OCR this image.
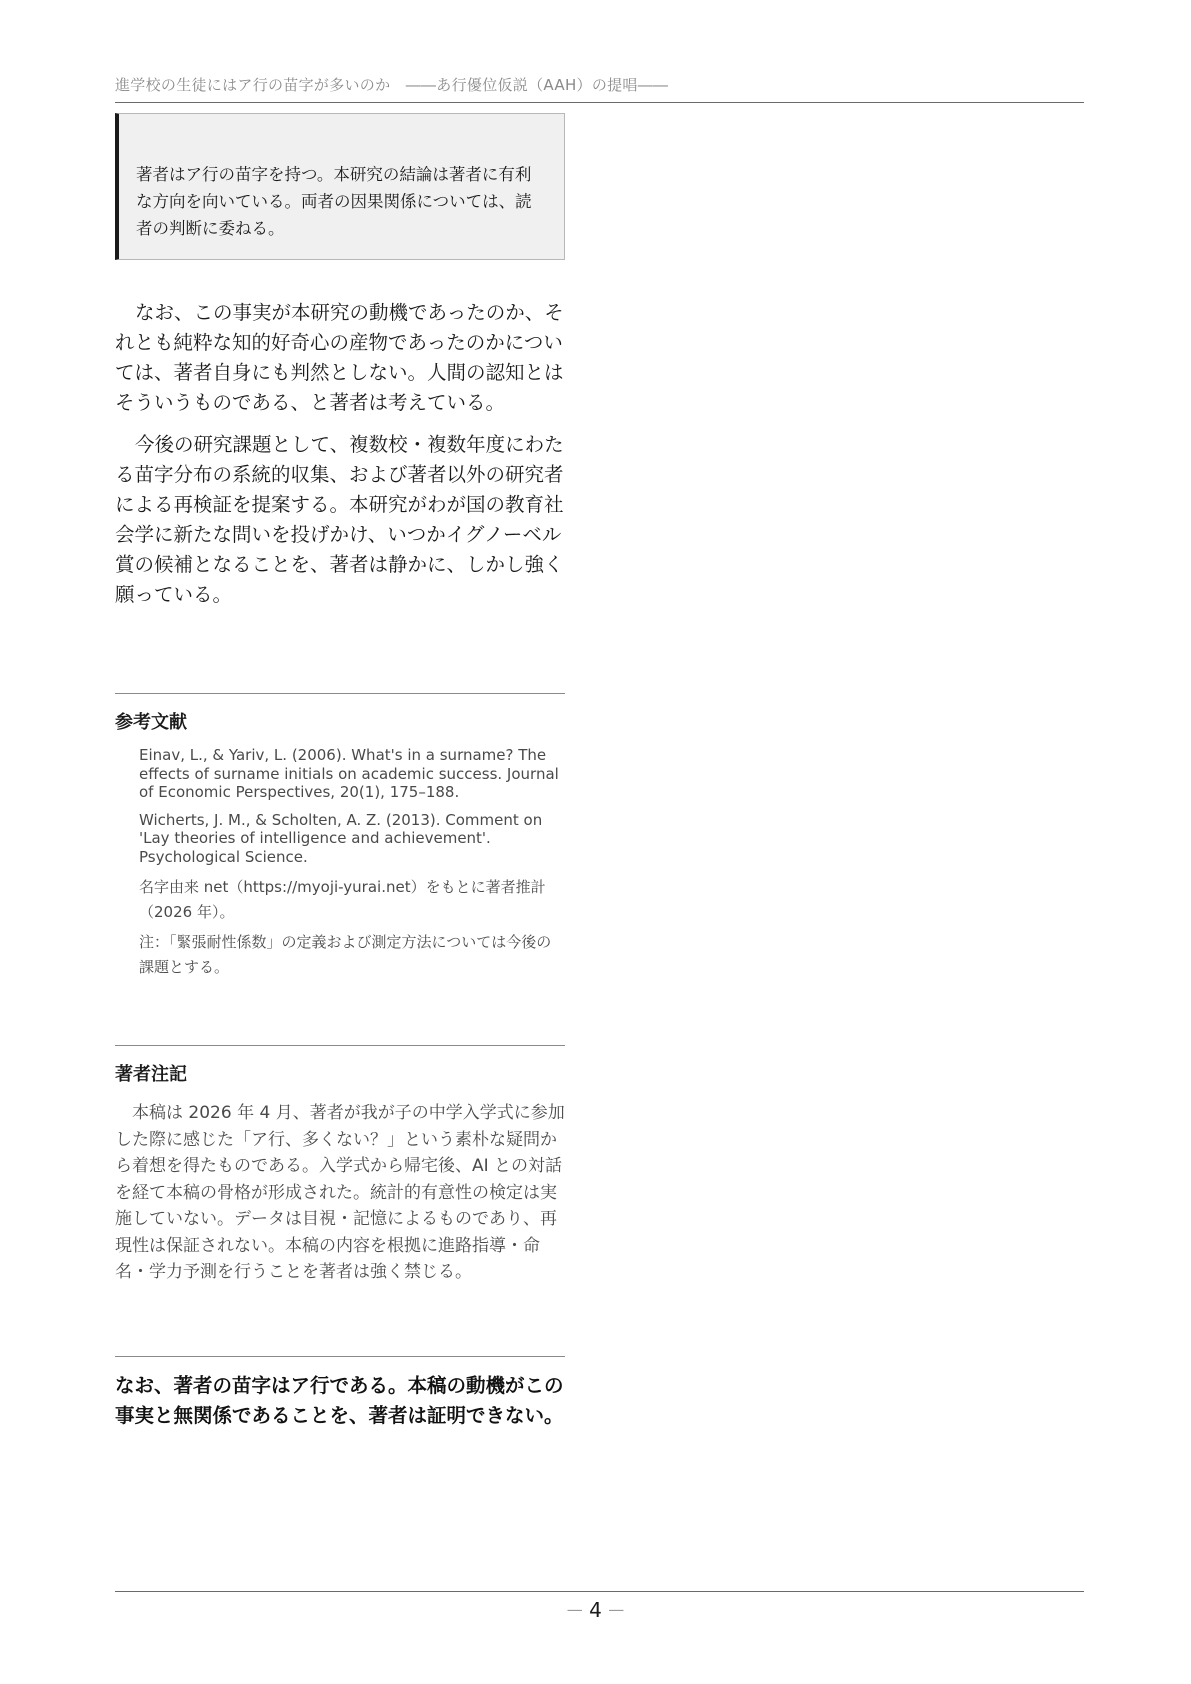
進学校の生徒にはア行の苗字が多いのか　――あ行優位仮説（AAH）の提唱――
著者はア行の苗字を持つ。本研究の結論は著者に有利な方向を向いている。両者の因果関係については、読者の判断に委ねる。

なお、この事実が本研究の動機であったのか、それとも純粋な知的好奇心の産物であったのかについては、著者自身にも判然としない。人間の認知とはそういうものである、と著者は考えている。

今後の研究課題として、複数校・複数年度にわたる苗字分布の系統的収集、および著者以外の研究者による再検証を提案する。本研究がわが国の教育社会学に新たな問いを投げかけ、いつかイグノーベル賞の候補となることを、著者は静かに、しかし強く願っている。

参考文献
Einav, L., & Yariv, L. (2006). What's in a surname? The effects of surname initials on academic success. Journal of Economic Perspectives, 20(1), 175–188.
Wicherts, J. M., & Scholten, A. Z. (2013). Comment on 'Lay theories of intelligence and achievement'. Psychological Science.
名字由来 net（https://myoji-yurai.net）をもとに著者推計（2026 年）。
注：「緊張耐性係数」の定義および測定方法については今後の課題とする。
著者注記

本稿は 2026 年 4 月、著者が我が子の中学入学式に参加した際に感じた「ア行、多くない？」という素朴な疑問から着想を得たものである。入学式から帰宅後、AI との対話を経て本稿の骨格が形成された。統計的有意性の検定は実施していない。データは目視・記憶によるものであり、再現性は保証されない。本稿の内容を根拠に進路指導・命名・学力予測を行うことを著者は強く禁じる。

なお、著者の苗字はア行である。本稿の動機がこの事実と無関係であることを、著者は証明できない。

— 4 —
